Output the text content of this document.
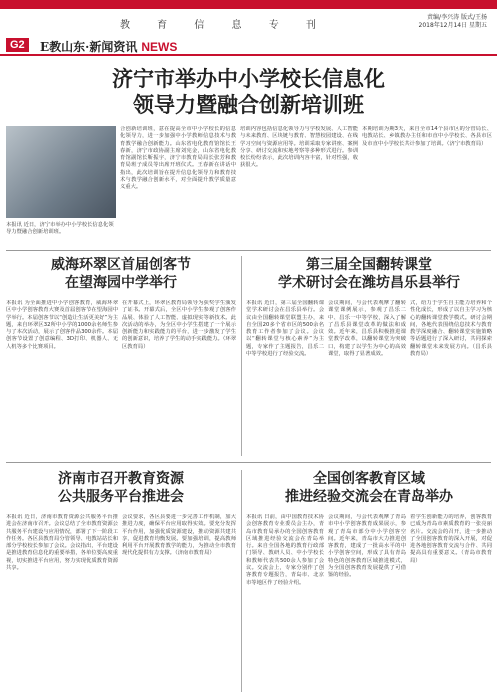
教 育 信 息 专 刊
责编/李兴涛 版式/王扬
2018年12月14日 星期五
G2	E教山东·新闻资讯 NEWS
济宁市举办中小学校长信息化
领导力暨融合创新培训班
本报讯 近日，济宁市举办中小学校长信息化领导力暨融合创新培训班。
合创新培训班，意在提高全市中小学校长的信息化领导力，进一步加强中小学教师信息技术与教育教学融合创新能力。山东省电化教育馆馆长王春新，济宁市政协副主席刘宪金，山东省电化教育馆副馆长靳振宇，济宁市教育局局长张芳和教育局班子成员等出席开班仪式。王春新在讲话中指出，此次培训旨在提升信息化领导力和教育技术与教学融合创新水平，对全面提升教学质量意义重大。
培训内容包括信息化领导力与学校发展、人工智能与未来教育、区块链与教育、智慧校园建设、在线学习空间与资源应用等。培训采取专家讲座、案例分享、研讨交流和实地考察等多种形式进行。参训校长纷纷表示，此次培训内容丰富，针对性强，收获很大。
本期培训为期3天，来自全市14个县市区的分管局长、电教站长、乡镇教办主任和市直中小学校长、各县市区及市直中小学校长共计参加了培训。（济宁市教育局）
威海环翠区首届创客节
在望海园中学举行
本报讯 为全面推进中小学创客教育，威海环翠区中小学创客教育大赛及首届创客节在望海园中学举行。本届创客节以“创造让生活更美好”为主题，来自环翠区32所中小学的1000余名师生参与了本次活动，展示了创客作品300余件。本届创客节设置了创意编程、3D打印、机器人、无人机等多个比赛项目。
在开幕式上，环翠区教育局领导为获奖学生颁发了证书。开幕式后，全区中小学生参观了创客作品展、体验了人工智能、虚拟现实等新技术。此次活动的举办，为全区中小学生搭建了一个展示创新能力和实践能力的平台，进一步激发了学生的创新意识，培养了学生的动手实践能力。（环翠区教育局）
第三届全国翻转课堂
学术研讨会在潍坊昌乐县举行
本报讯 近日，第三届全国翻转课堂学术研讨会在昌乐县举行。会议由全国翻转课堂联盟主办，来自全国20多个省市区的500余名教育工作者参加了会议。会议以“翻转课堂与核心素养”为主题，专家作了主题报告，昌乐二中等学校进行了经验交流。
会议期间，与会代表观摩了翻转课堂课例展示，参观了昌乐二中、昌乐一中等学校，深入了解了昌乐县课堂改革的做法和成效。近年来，昌乐县积极推进课堂教学改革，以翻转课堂为突破口，构建了以学生为中心的高效课堂，取得了显著成效。
式，给力于学生自主能力培养和个性化成长，形成了以自主学习为核心的翻转课堂教学模式。研讨会期间，各地代表围绕信息技术与教育教学深度融合、翻转课堂实施策略等话题进行了深入研讨，共同探索翻转课堂未来发展方向。（昌乐县教育局）
济南市召开教育资源
公共服务平台推进会
本报讯 近日，济南市教育资源公共服务平台推进会在济南市召开。会议总结了全市教育资源公共服务平台建设与应用情况，部署了下一阶段工作任务。各区县教育局分管领导、电教站站长和部分学校校长参加了会议。会议指出，平台建设是推进教育信息化的重要举措，各单位要高度重视，切实推进平台应用，努力实现优质教育资源共享。
会议要求，各区县要进一步完善工作机制，加大推进力度，确保平台应用取得实效。要充分发挥平台作用，加强优质资源建设，推动资源共建共享，促进教育均衡发展。要加强培训，提高教师利用平台开展教育教学的能力，为推动全市教育现代化提供有力支撑。（济南市教育局）
全国创客教育区域
推进经验交流会在青岛举办
本报讯 日前，由中国教育技术协会创客教育专业委员会主办，青岛市教育局承办的全国创客教育区域推进经验交流会在青岛举行。来自全国各地的教育行政部门领导、教研人员、中小学校长和教师代表共500余人参加了会议。交流会上，专家分别作了创客教育专题报告，青岛市、北京市等地区作了经验介绍。
会议期间，与会代表观摩了青岛市中小学创客教育成果展示，参观了青岛市部分中小学创客空间。近年来，青岛市大力推进创客教育，建成了一批高水平的中小学创客空间，形成了具有青岛特色的创客教育区域推进模式，为全国创客教育发展提供了可借鉴的经验。
着学生创新能力的培养，创客教育已成为青岛市素质教育的一张亮丽名片。交流会的召开，进一步推动了全国创客教育的深入开展，对促进各地创客教育交流与合作、共同提高具有重要意义。（青岛市教育局）
